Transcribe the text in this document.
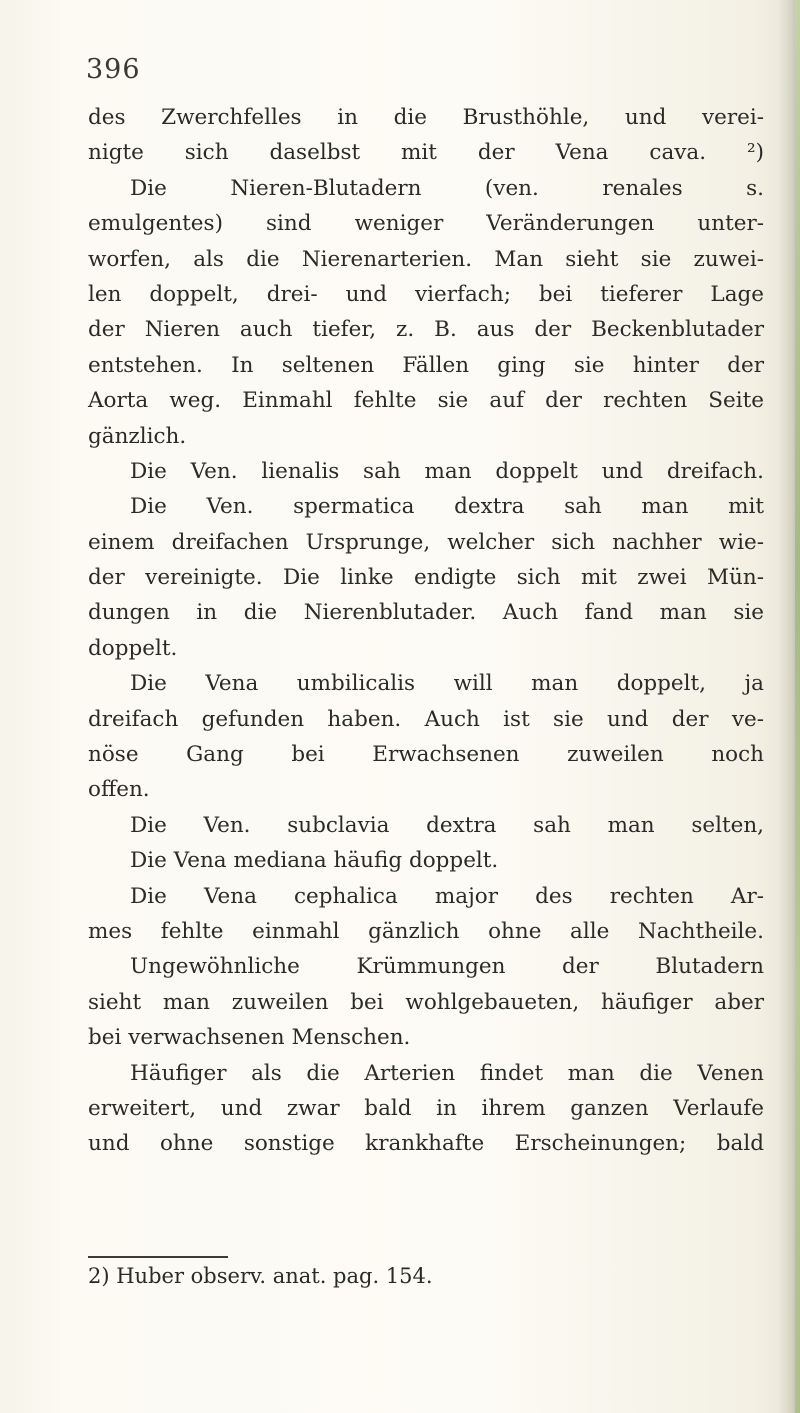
396
des Zwerchfelles in die Brusthöhle, und verei-
nigte sich daselbst mit der Vena cava. ²)
Die Nieren-Blutadern (ven. renales s.
emulgentes) sind weniger Veränderungen unter-
worfen, als die Nierenarterien. Man sieht sie zuwei-
len doppelt, drei- und vierfach; bei tieferer Lage
der Nieren auch tiefer, z. B. aus der Beckenblutader
entstehen. In seltenen Fällen ging sie hinter der
Aorta weg. Einmahl fehlte sie auf der rechten Seite
gänzlich.
Die Ven. lienalis sah man doppelt und dreifach.
Die Ven. spermatica dextra sah man mit
einem dreifachen Ursprunge, welcher sich nachher wie-
der vereinigte. Die linke endigte sich mit zwei Mün-
dungen in die Nierenblutader. Auch fand man sie
doppelt.
Die Vena umbilicalis will man doppelt, ja
dreifach gefunden haben. Auch ist sie und der ve-
nöse Gang bei Erwachsenen zuweilen noch
offen.
Die Ven. subclavia dextra sah man selten,
Die Vena mediana häufig doppelt.
Die Vena cephalica major des rechten Ar-
mes fehlte einmahl gänzlich ohne alle Nachtheile.
Ungewöhnliche Krümmungen der Blutadern
sieht man zuweilen bei wohlgebaueten, häufiger aber
bei verwachsenen Menschen.
Häufiger als die Arterien findet man die Venen
erweitert, und zwar bald in ihrem ganzen Verlaufe
und ohne sonstige krankhafte Erscheinungen; bald
2) Huber observ. anat. pag. 154.
